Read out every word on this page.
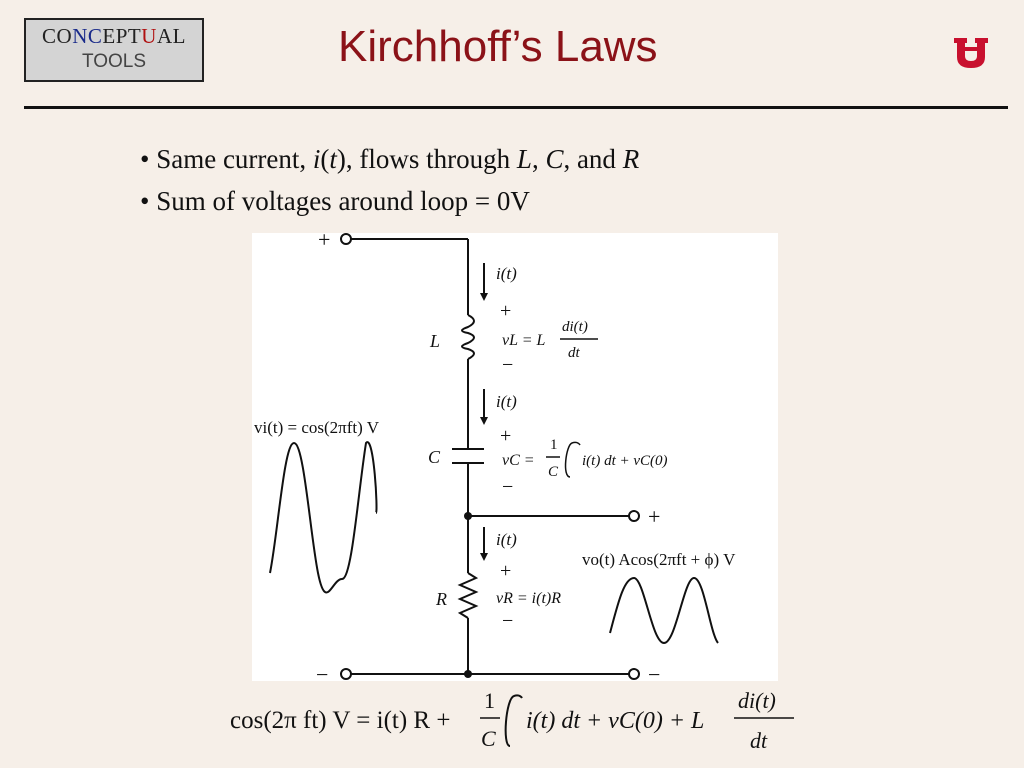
CONCEPTUAL
TOOLS	Kirchhoff’s Laws
• Same current, i(t), flows through L, C, and R
• Sum of voltages around loop = 0V
+
−
+
−
L
C
R
i(t)
i(t)
i(t)
+
−
+
−
+
−
vL = L
di(t)
dt
vC =
1
C
i(t) dt + vC(0)
vR = i(t)R
vi(t) = cos(2πft) V
vo(t) Acos(2πft + ϕ) V
cos(2π ft) V = i(t) R +
1
C
i(t) dt + vC(0) + L
di(t)
dt
